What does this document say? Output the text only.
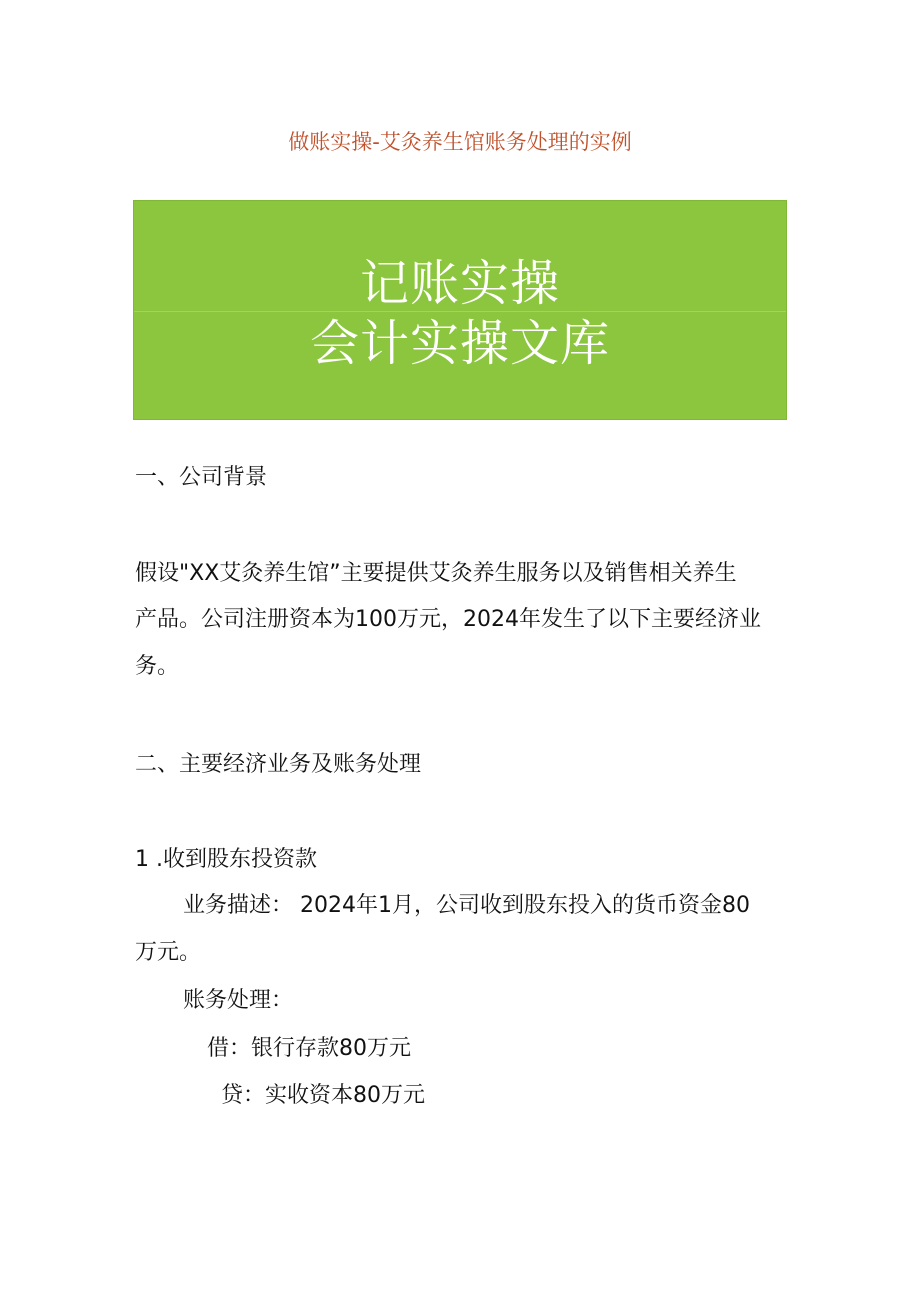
做账实操-艾灸养生馆账务处理的实例
记账实操
会计实操文库
一、公司背景
假设"XX艾灸养生馆”主要提供艾灸养生服务以及销售相关养生
产品。公司注册资本为100万元，2024年发生了以下主要经济业
务。
二、主要经济业务及账务处理
1 .收到股东投资款
业务描述： 2024年1月，公司收到股东投入的货币资金80
万元。
账务处理：
借：银行存款80万元
贷：实收资本80万元
